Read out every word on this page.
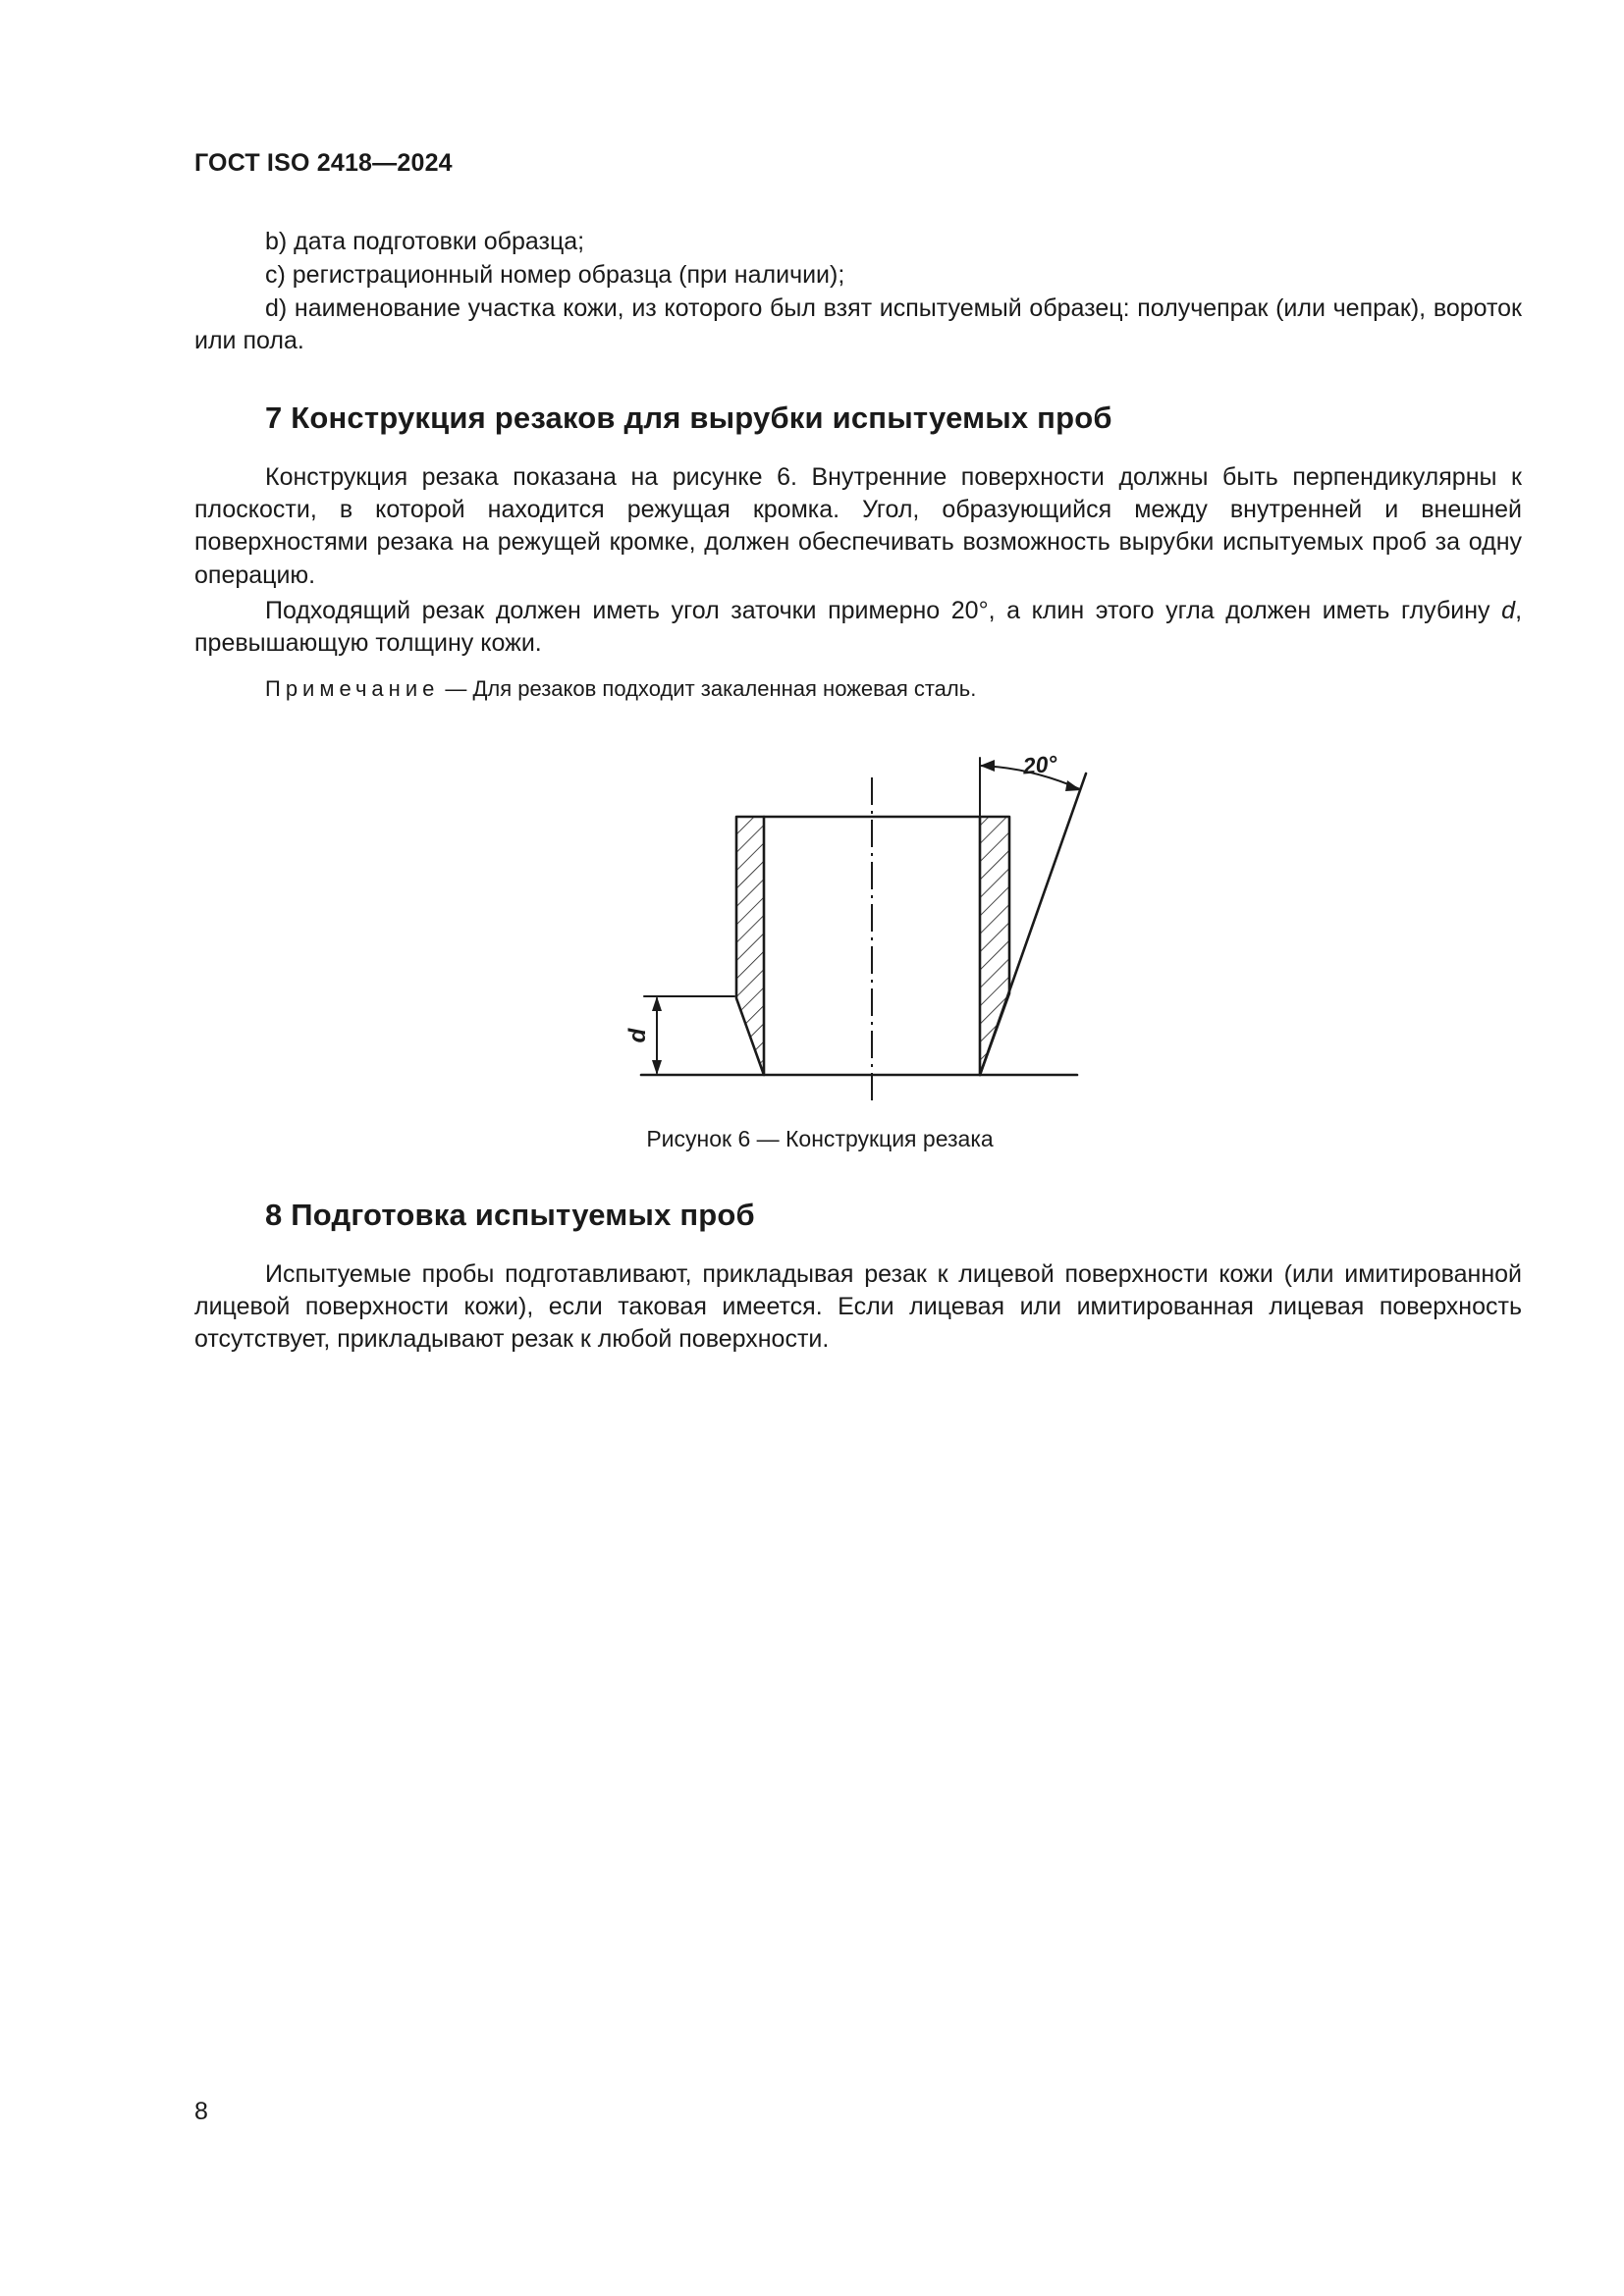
ГОСТ ISO 2418—2024
b) дата подготовки образца;
c) регистрационный номер образца (при наличии);
d) наименование участка кожи, из которого был взят испытуемый образец: получепрак (или чепрак), вороток или пола.
7 Конструкция резаков для вырубки испытуемых проб
Конструкция резака показана на рисунке 6. Внутренние поверхности должны быть перпендикулярны к плоскости, в которой находится режущая кромка. Угол, образующийся между внутренней и внешней поверхностями резака на режущей кромке, должен обеспечивать возможность вырубки испытуемых проб за одну операцию.
Подходящий резак должен иметь угол заточки примерно 20°, а клин этого угла должен иметь глубину d, превышающую толщину кожи.
Примечание — Для резаков подходит закаленная ножевая сталь.
20°
d
Рисунок 6 — Конструкция резака
8 Подготовка испытуемых проб
Испытуемые пробы подготавливают, прикладывая резак к лицевой поверхности кожи (или имитированной лицевой поверхности кожи), если таковая имеется. Если лицевая или имитированная лицевая поверхность отсутствует, прикладывают резак к любой поверхности.
8
